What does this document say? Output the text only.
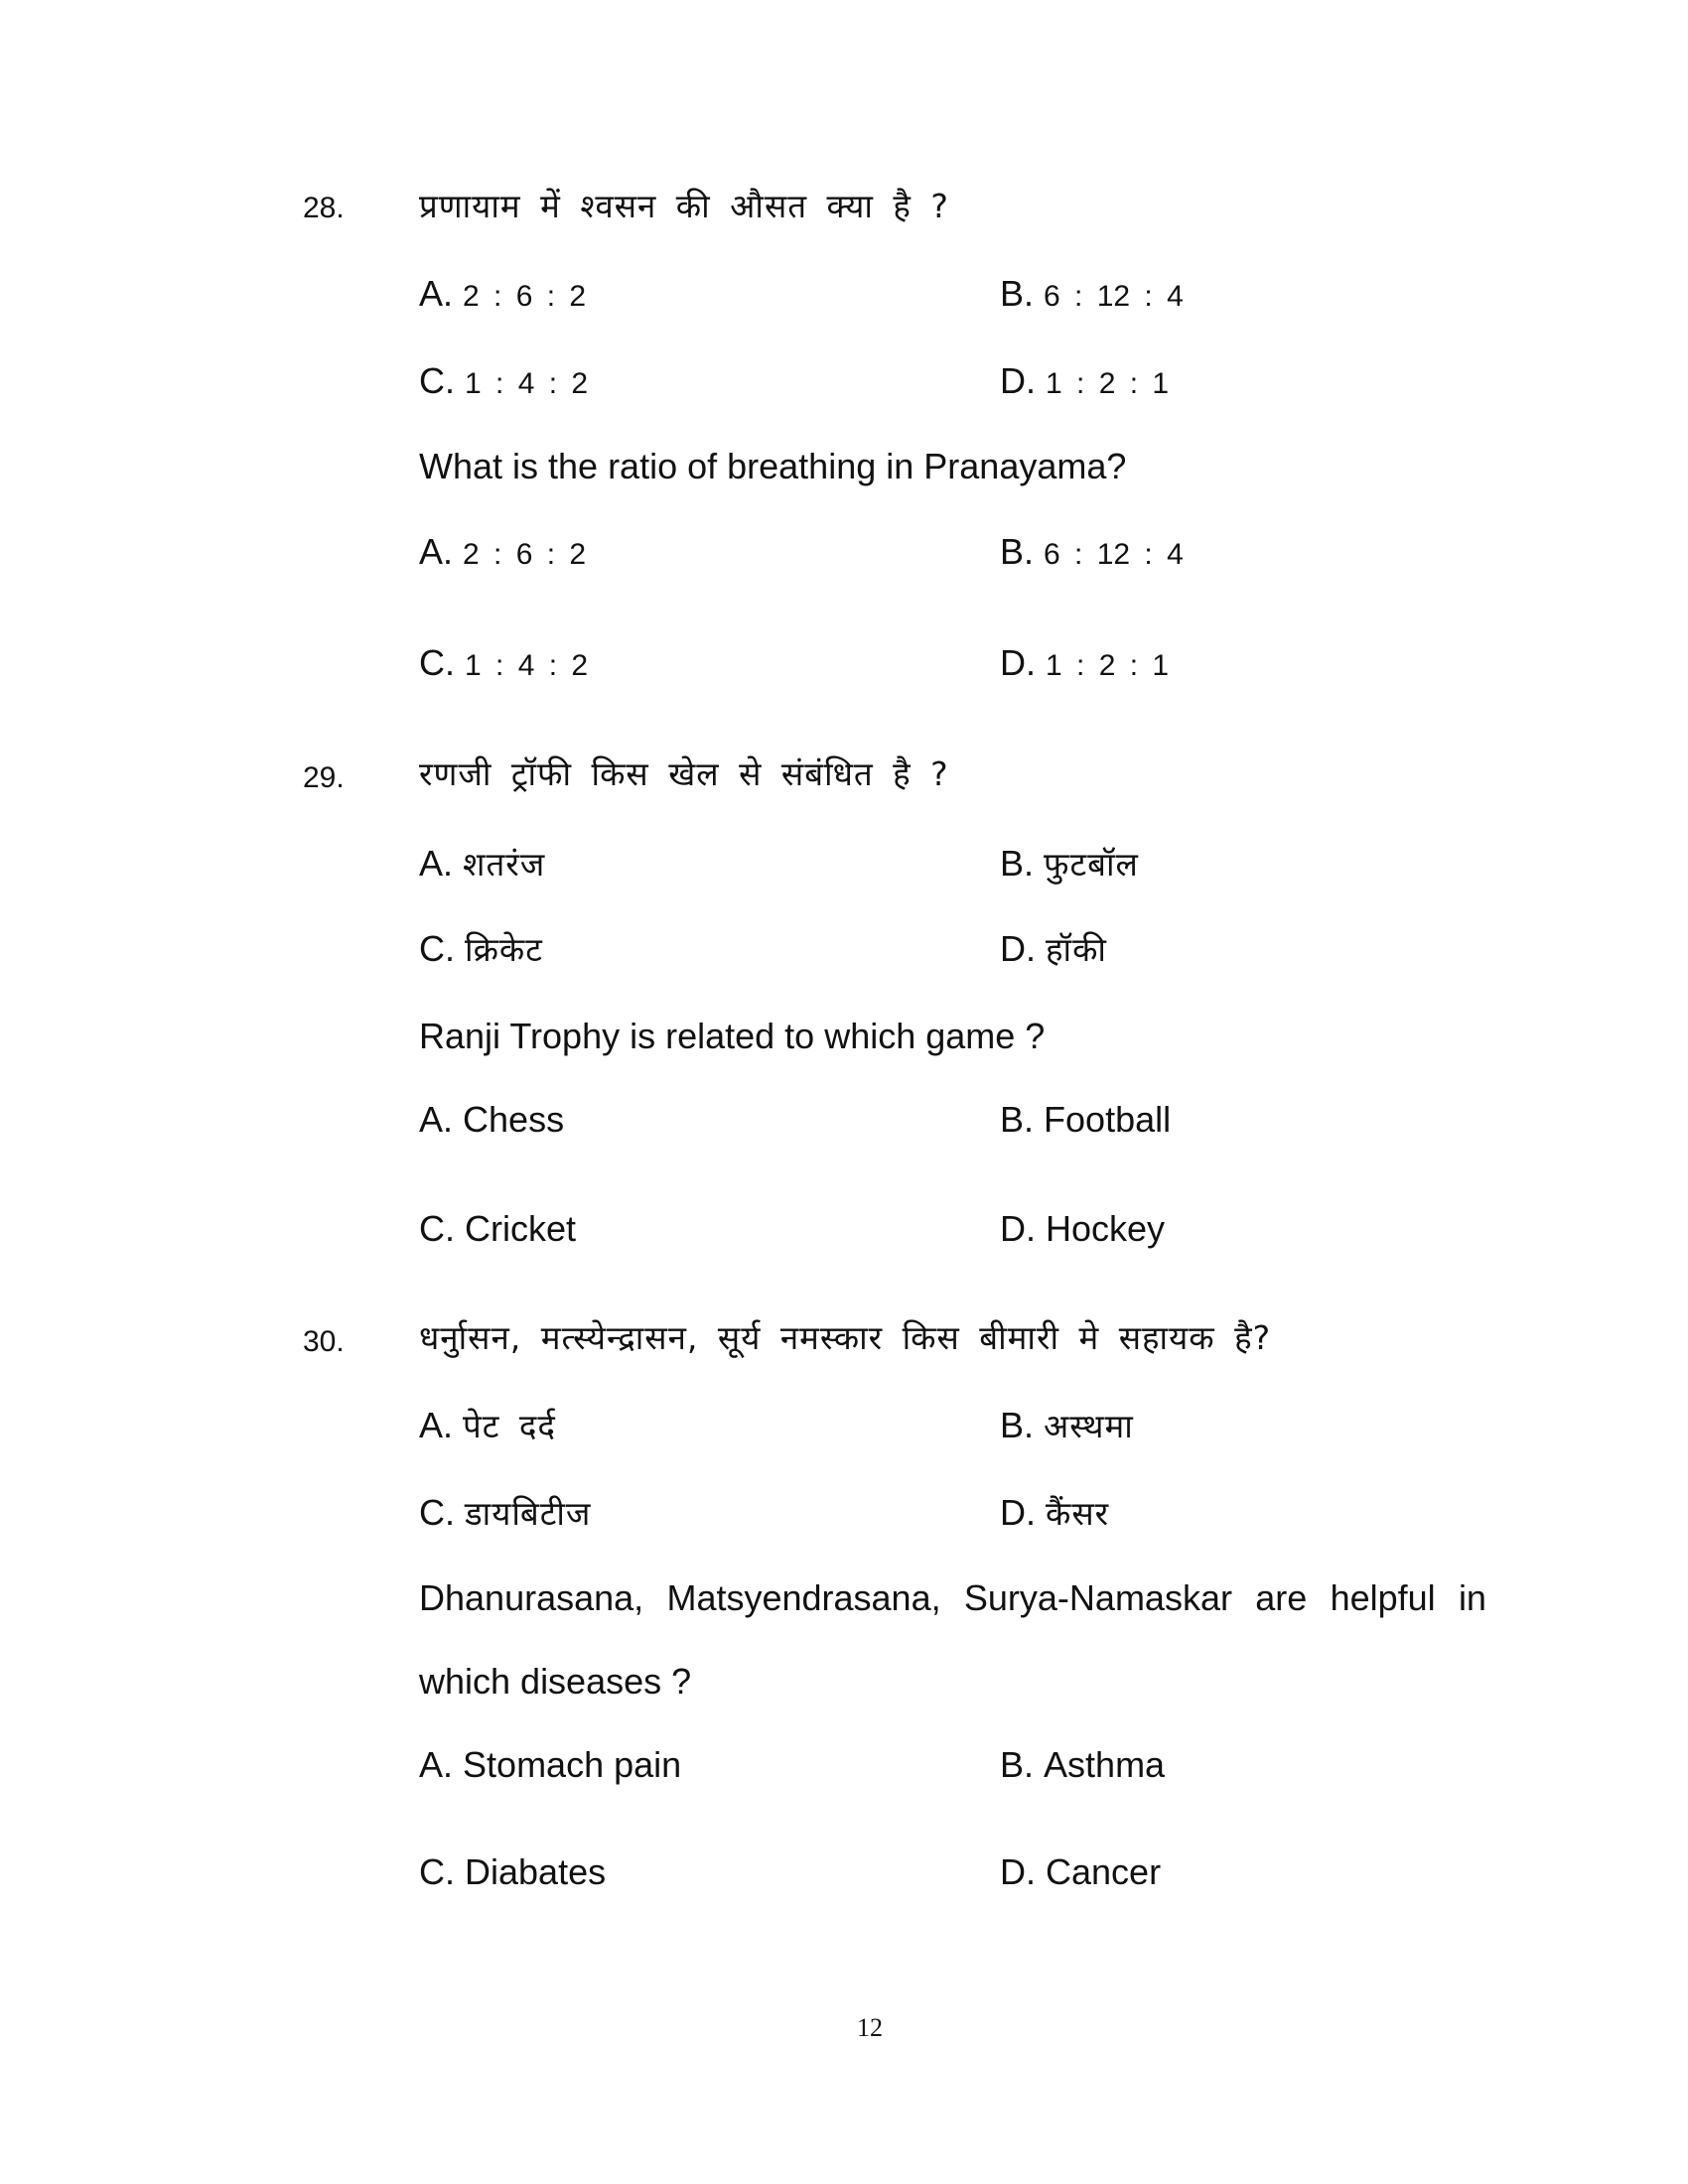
28. प्रणायाम में श्वसन की औसत क्या है ?
A. 2 : 6 : 2	B. 6 : 12 : 4
C. 1 : 4 : 2	D. 1 : 2 : 1
What is the ratio of breathing in Pranayama?
A. 2 : 6 : 2	B. 6 : 12 : 4
C. 1 : 4 : 2	D. 1 : 2 : 1
29. रणजी ट्रॉफी किस खेल से संबंधित है ?
A. शतरंज	B. फुटबॉल
C. क्रिकेट	D. हॉकी
Ranji Trophy is related to which game ?
A. Chess	B. Football
C. Cricket	D. Hockey
30. धर्नुासन, मत्स्येन्द्रासन, सूर्य नमस्कार किस बीमारी मे सहायक है?
A. पेट दर्द	B. अस्थमा
C. डायबिटीज	D. कैंसर
Dhanurasana, Matsyendrasana, Surya-Namaskar are helpful in
which diseases ?
A. Stomach pain	B. Asthma
C. Diabates	D. Cancer
12
